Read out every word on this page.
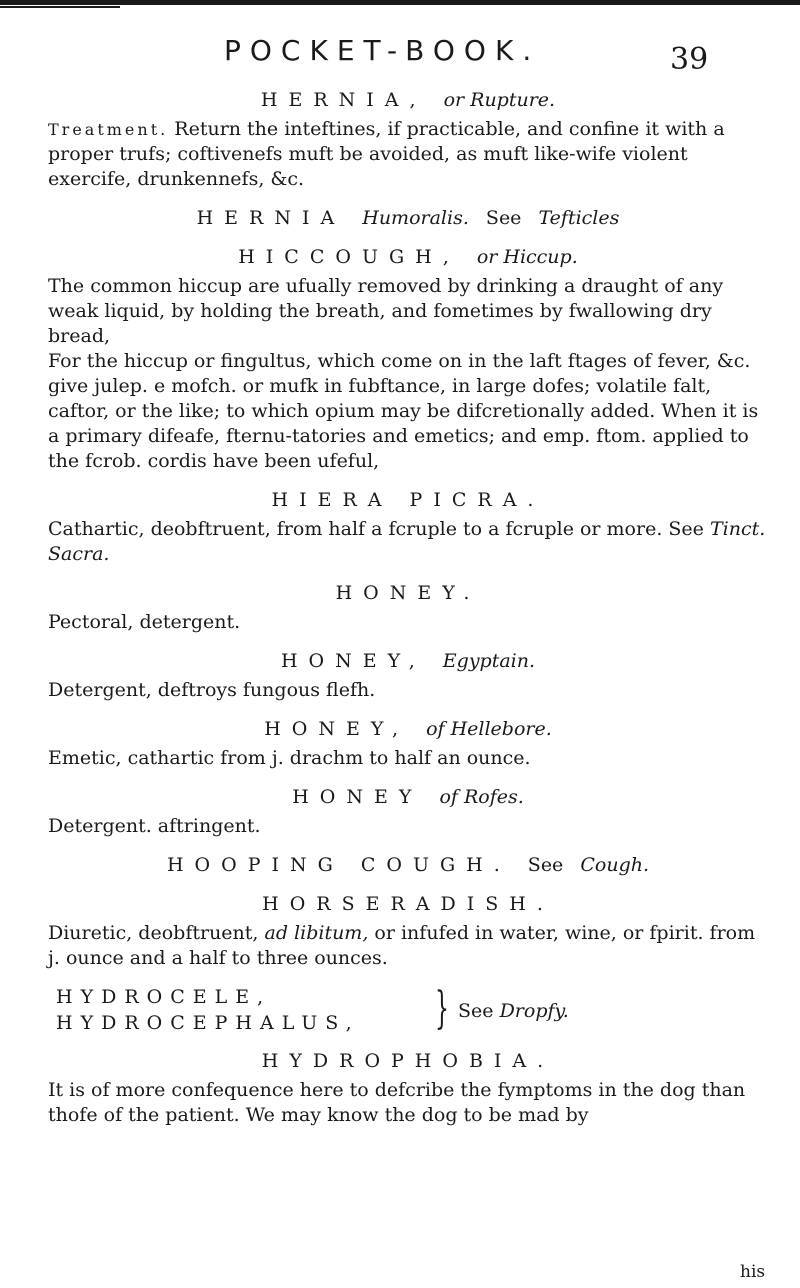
POCKET-BOOK.	39
HERNIA, or Rupture.
Treatment. Return the inteftines, if practicable, and confine it with a proper trufs; coftivenefs muft be avoided, as muft like-wife violent exercife, drunkennefs, &c.
HERNIA Humoralis. See Tefticles
HICCOUGH, or Hiccup.
The common hiccup are ufually removed by drinking a draught of any weak liquid, by holding the breath, and fometimes by fwallowing dry bread,
For the hiccup or fingultus, which come on in the laft ftages of fever, &c. give julep. e mofch. or mufk in fubftance, in large dofes; volatile falt, caftor, or the like; to which opium may be difcretionally added. When it is a primary difeafe, fternu-tatories and emetics; and emp. ftom. applied to the fcrob. cordis have been ufeful,
HIERA PICRA.
Cathartic, deobftruent, from half a fcruple to a fcruple or more. See Tinct. Sacra.
HONEY.
Pectoral, detergent.
HONEY, Egyptain.
Detergent, deftroys fungous flefh.
HONEY, of Hellebore.
Emetic, cathartic from j. drachm to half an ounce.
HONEY of Rofes.
Detergent. aftringent.
HOOPING COUGH. See Cough.
HORSERADISH.
Diuretic, deobftruent, ad libitum, or infufed in water, wine, or fpirit. from j. ounce and a half to three ounces.
HYDROCELE,
HYDROCEPHALUS, } See Dropfy.
HYDROPHOBIA.
It is of more confequence here to defcribe the fymptoms in the dog than thofe of the patient. We may know the dog to be mad by
his
